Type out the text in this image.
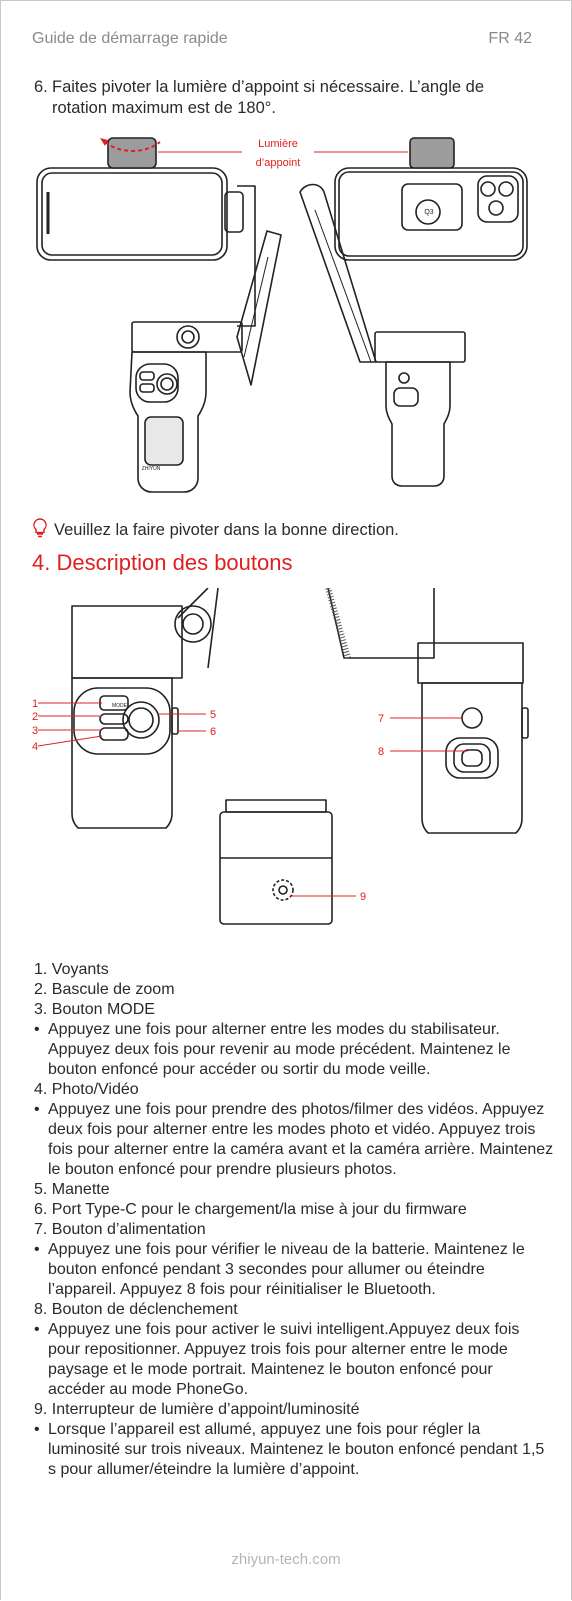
Guide de démarrage rapide	FR 42
6. Faites pivoter la lumière d’appoint si nécessaire. L’angle de rotation maximum est de 180°.
ZHIYUN
Q3
Lumière
d’appoint
Veuillez la faire pivoter dans la bonne direction.
4. Description des boutons
MODE
1
2
3
4
5
6
7
8
9
1. Voyants
2. Bascule de zoom
3. Bouton MODE
• Appuyez une fois pour alterner entre les modes du stabilisateur. Appuyez deux fois pour revenir au mode précédent. Maintenez le bouton enfoncé pour accéder ou sortir du mode veille.
4. Photo/Vidéo
• Appuyez une fois pour prendre des photos/filmer des vidéos. Appuyez deux fois pour alterner entre les modes photo et vidéo. Appuyez trois fois pour alterner entre la caméra avant et la caméra arrière. Maintenez le bouton enfoncé pour prendre plusieurs photos.
5. Manette
6. Port Type-C pour le chargement/la mise à jour du firmware
7. Bouton d’alimentation
• Appuyez une fois pour vérifier le niveau de la batterie. Maintenez le bouton enfoncé pendant 3 secondes pour allumer ou éteindre l’appareil. Appuyez 8 fois pour réinitialiser le Bluetooth.
8. Bouton de déclenchement
• Appuyez une fois pour activer le suivi intelligent.Appuyez deux fois pour repositionner. Appuyez trois fois pour alterner entre le mode paysage et le mode portrait. Maintenez le bouton enfoncé pour accéder au mode PhoneGo.
9. Interrupteur de lumière d’appoint/luminosité
• Lorsque l’appareil est allumé, appuyez une fois pour régler la luminosité sur trois niveaux. Maintenez le bouton enfoncé pendant 1,5 s pour allumer/éteindre la lumière d’appoint.
zhiyun-tech.com
